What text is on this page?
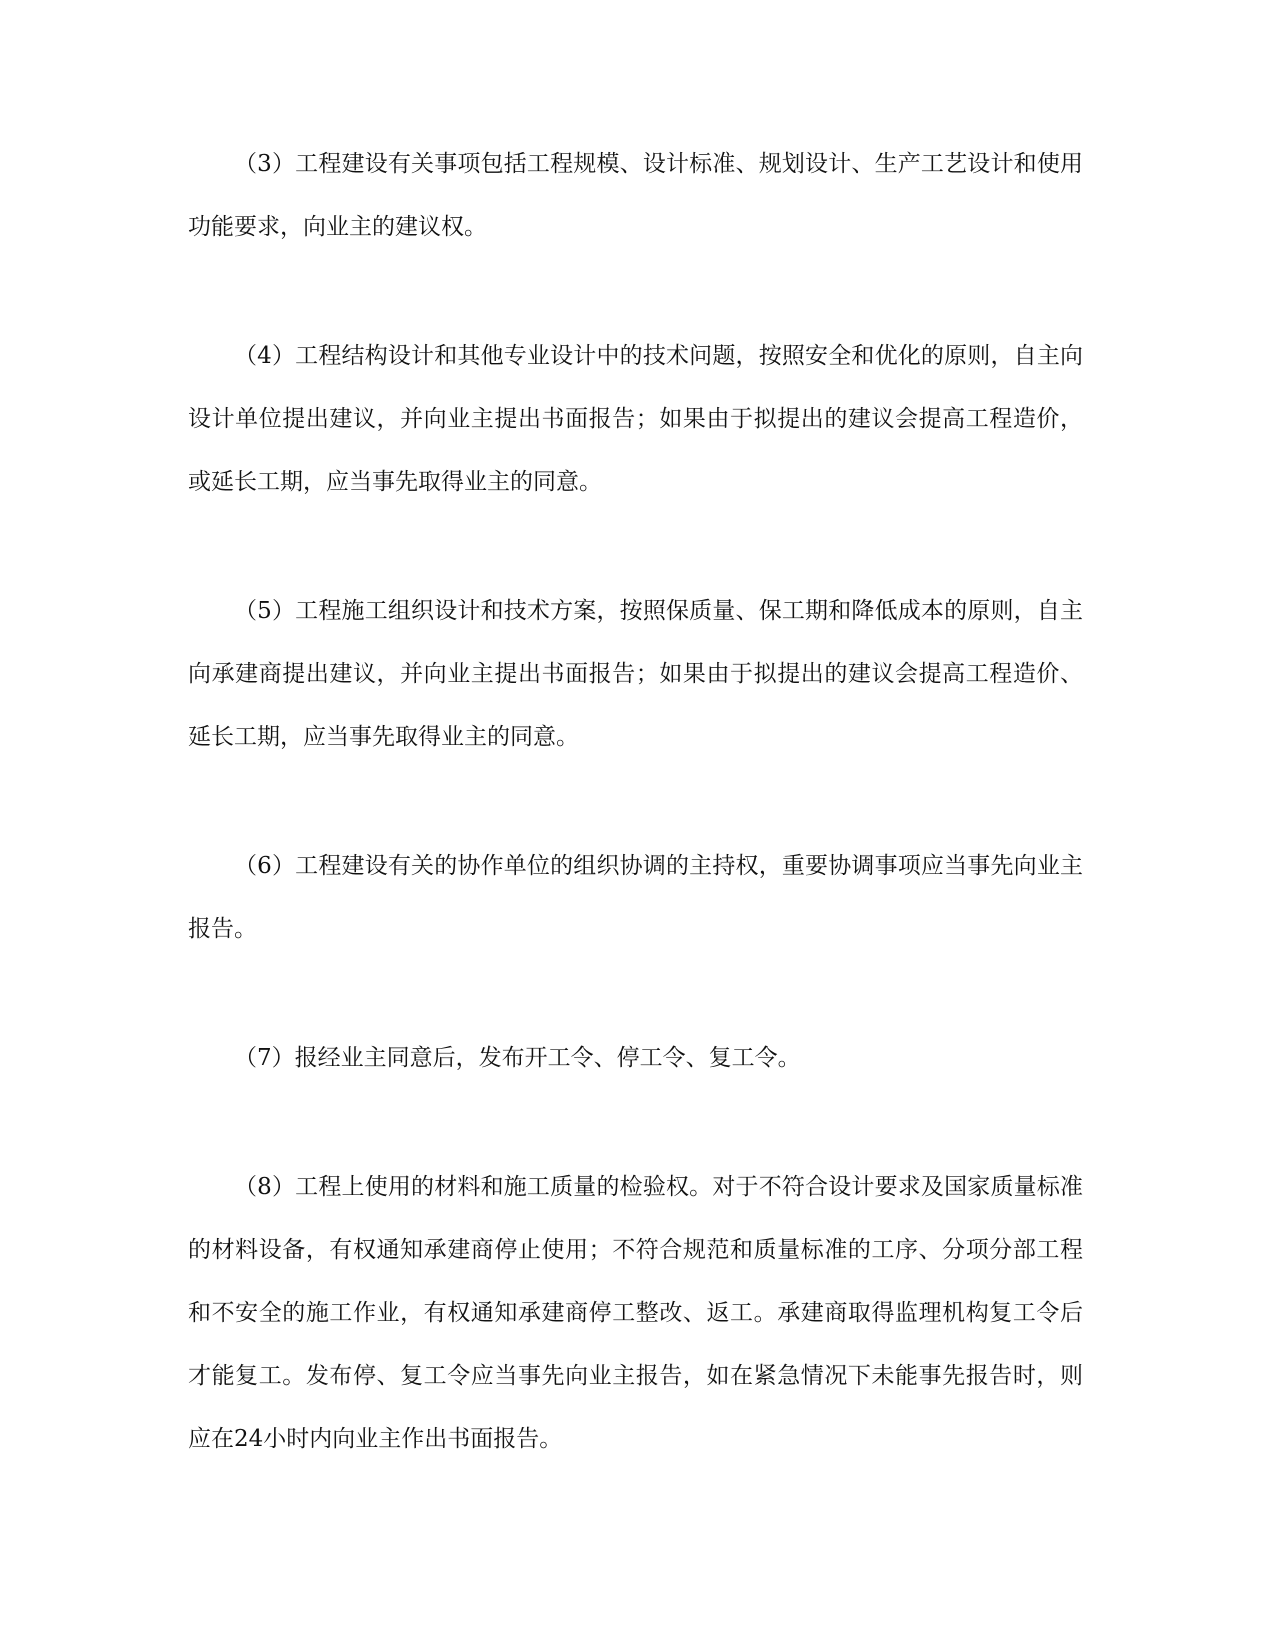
（3）工程建设有关事项包括工程规模、设计标准、规划设计、生产工艺设计和使用功能要求，向业主的建议权。

（4）工程结构设计和其他专业设计中的技术问题，按照安全和优化的原则，自主向设计单位提出建议，并向业主提出书面报告；如果由于拟提出的建议会提高工程造价，或延长工期，应当事先取得业主的同意。

（5）工程施工组织设计和技术方案，按照保质量、保工期和降低成本的原则，自主向承建商提出建议，并向业主提出书面报告；如果由于拟提出的建议会提高工程造价、延长工期，应当事先取得业主的同意。

（6）工程建设有关的协作单位的组织协调的主持权，重要协调事项应当事先向业主报告。

（7）报经业主同意后，发布开工令、停工令、复工令。

（8）工程上使用的材料和施工质量的检验权。对于不符合设计要求及国家质量标准的材料设备，有权通知承建商停止使用；不符合规范和质量标准的工序、分项分部工程和不安全的施工作业，有权通知承建商停工整改、返工。承建商取得监理机构复工令后才能复工。发布停、复工令应当事先向业主报告，如在紧急情况下未能事先报告时，则应在24小时内向业主作出书面报告。
